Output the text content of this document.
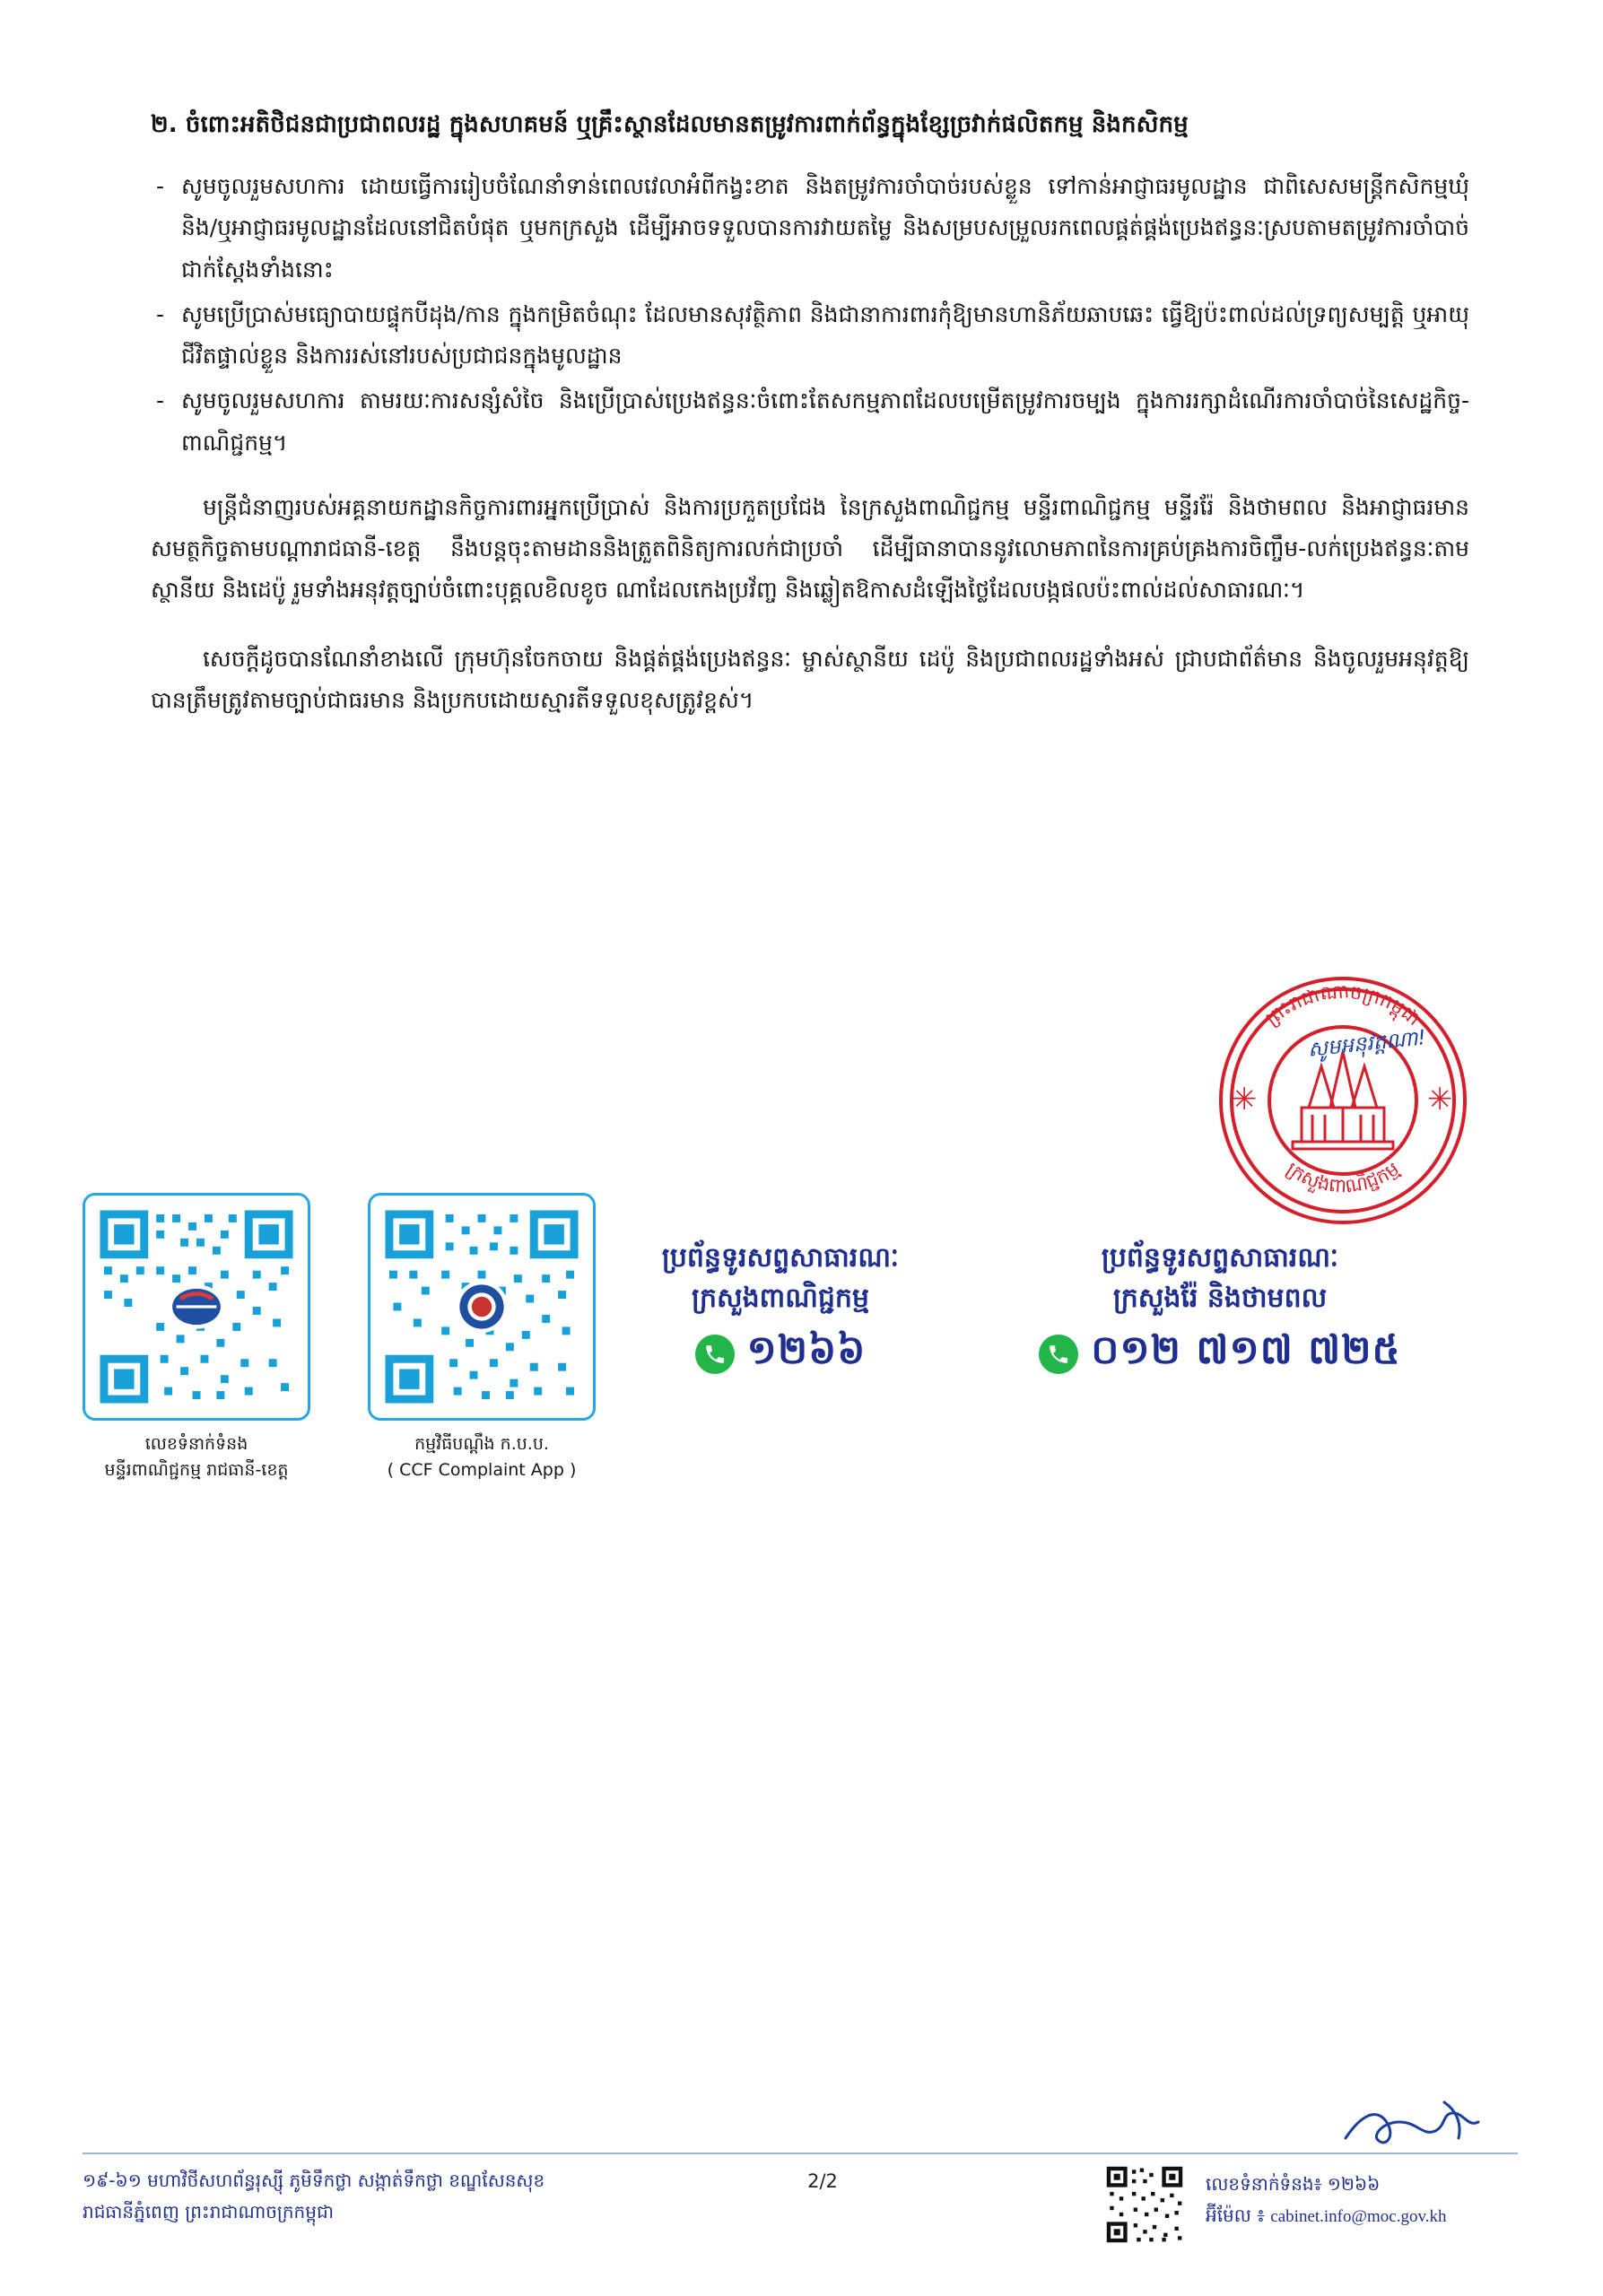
២. ចំពោះអតិថិជនជាប្រជាពលរដ្ឋ ក្នុងសហគមន៍ ឬគ្រឹះស្ថានដែលមានតម្រូវការពាក់ព័ន្ធក្នុងខ្សែច្រវាក់ផលិតកម្ម និងកសិកម្ម
- សូមចូលរួមសហការ ដោយធ្វើការរៀបចំណែនាំទាន់ពេលវេលាអំពីកង្វះខាត និងតម្រូវការចាំបាច់របស់ខ្លួន ទៅកាន់អាជ្ញាធរមូលដ្ឋាន ជាពិសេសមន្ត្រីកសិកម្មឃុំ និង/ឬអាជ្ញាធរមូលដ្ឋានដែលនៅជិតបំផុត ឬមកក្រសួង ដើម្បីអាចទទួលបានការវាយតម្លៃ និងសម្របសម្រួលរកពេលផ្គត់ផ្គង់ប្រេងឥន្ធនៈស្របតាមតម្រូវការចាំបាច់ជាក់ស្ដែងទាំងនោះ
- សូមប្រើប្រាស់មធ្យោបាយផ្ទុកបីដុង/កាន ក្នុងកម្រិតចំណុះ ដែលមានសុវត្ថិភាព និងជានាការពារកុំឱ្យមានហានិភ័យឆាបឆេះ ធ្វើឱ្យប៉ះពាល់ដល់ទ្រព្យសម្បត្តិ ឬអាយុជីវិតផ្ទាល់ខ្លួន និងការរស់នៅរបស់ប្រជាជនក្នុងមូលដ្ឋាន
- សូមចូលរួមសហការ តាមរយៈការសន្សំសំចៃ និងប្រើប្រាស់ប្រេងឥន្ធនៈចំពោះតែសកម្មភាពដែលបម្រើតម្រូវការចម្បង ក្នុងការរក្សាដំណើរការចាំបាច់នៃសេដ្ឋកិច្ច-ពាណិជ្ជកម្ម។

មន្ត្រីជំនាញរបស់អគ្គនាយកដ្ឋានកិច្ចការពារអ្នកប្រើប្រាស់ និងការប្រកួតប្រជែង នៃក្រសួងពាណិជ្ជកម្ម មន្ទីរពាណិជ្ជកម្ម មន្ទីររ៉ែ និងថាមពល និងអាជ្ញាធរមានសមត្ថកិច្ចតាមបណ្ដារាជធានី-ខេត្ត នឹងបន្តចុះតាមដាននិងត្រួតពិនិត្យការលក់ជាប្រចាំ ដើម្បីធានាបាននូវលោមភាពនៃការគ្រប់គ្រងការចិញ្ចឹម-លក់ប្រេងឥន្ធនៈតាមស្ថានីយ និងដេប៉ូ រួមទាំងអនុវត្តច្បាប់ចំពោះបុគ្គលខិលខូច ណាដែលកេងប្រវ័ញ្ច និងឆ្លៀតឱកាសដំឡើងថ្លៃដែលបង្កផលប៉ះពាល់ដល់សាធារណៈ។

សេចក្ដីដូចបានណែនាំខាងលើ ក្រុមហ៊ុនចែកចាយ និងផ្គត់ផ្គង់ប្រេងឥន្ធនៈ ម្ចាស់ស្ថានីយ ដេប៉ូ និងប្រជាពលរដ្ឋទាំងអស់ ជ្រាបជាព័ត៌មាន និងចូលរួមអនុវត្តឱ្យបានត្រឹមត្រូវតាមច្បាប់ជាធរមាន និងប្រកបដោយស្មារតីទទួលខុសត្រូវខ្ពស់។

✳	✳
ព្រះរាជាណាចក្រកម្ពុជា
ក្រសួងពាណិជ្ជកម្ម
សូមអនុវត្តណា!
លេខទំនាក់ទំនង
មន្ទីរពាណិជ្ជកម្ម រាជធានី-ខេត្ត
កម្មវិធីបណ្ដឹង ក.ប.ប.
( CCF Complaint App )
ប្រព័ន្ធទូរសព្ទសាធារណៈ
ក្រសួងពាណិជ្ជកម្ម
១២៦៦
ប្រព័ន្ធទូរសព្ទសាធារណៈ
ក្រសួងរ៉ែ និងថាមពល
០១២ ៧១៧ ៧២៥
១៩-៦១ មហាវិថីសហព័ន្ធរុស្ស៊ី ភូមិទឹកថ្លា សង្កាត់ទឹកថ្លា ខណ្ឌសែនសុខ
រាជធានីភ្នំពេញ ព្រះរាជាណាចក្រកម្ពុជា
2/2	លេខទំនាក់ទំនង៖ ១២៦៦
អ៊ីម៉ែល ៖ cabinet.info@moc.gov.kh
